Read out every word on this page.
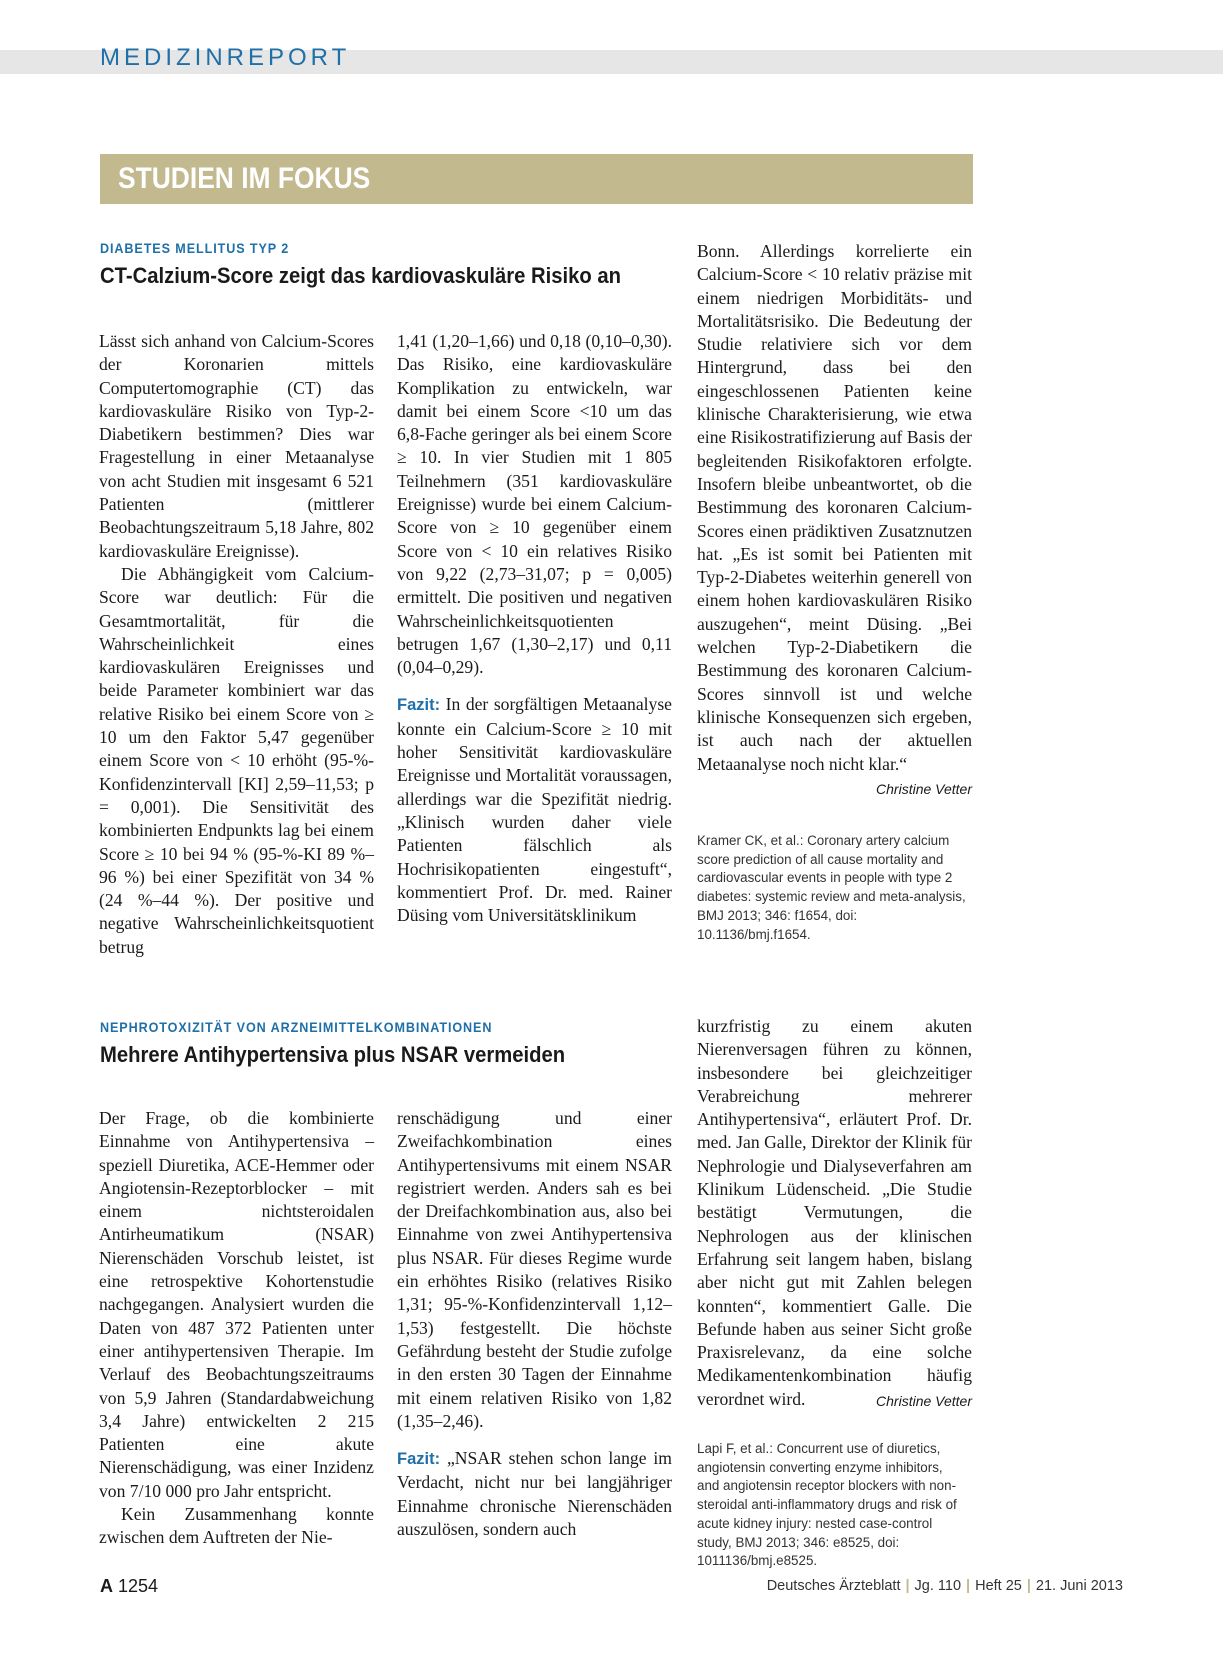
MEDIZINREPORT
STUDIEN IM FOKUS
DIABETES MELLITUS TYP 2
CT-Calzium-Score zeigt das kardiovaskuläre Risiko an

Lässt sich anhand von Calcium-Scores der Koronarien mittels Computertomographie (CT) das kardiovaskuläre Risiko von Typ-2-Diabetikern bestimmen? Dies war Fragestellung in einer Metaanalyse von acht Studien mit insgesamt 6 521 Patienten (mittlerer Beobachtungszeitraum 5,18 Jahre, 802 kardiovaskuläre Ereignisse).

Die Abhängigkeit vom Calcium-Score war deutlich: Für die Gesamtmortalität, für die Wahrscheinlichkeit eines kardiovaskulären Ereignisses und beide Parameter kombiniert war das relative Risiko bei einem Score von ≥ 10 um den Faktor 5,47 gegenüber einem Score von < 10 erhöht (95-%-Konfidenzintervall [KI] 2,59–11,53; p = 0,001). Die Sensitivität des kombinierten Endpunkts lag bei einem Score ≥ 10 bei 94 % (95-%-KI 89 %–96 %) bei einer Spezifität von 34 % (24 %–44 %). Der positive und negative Wahrscheinlichkeitsquotient betrug

1,41 (1,20–1,66) und 0,18 (0,10–0,30). Das Risiko, eine kardiovaskuläre Komplikation zu entwickeln, war damit bei einem Score <10 um das 6,8-Fache geringer als bei einem Score ≥ 10. In vier Studien mit 1 805 Teilnehmern (351 kardiovaskuläre Ereignisse) wurde bei einem Calcium-Score von ≥ 10 gegenüber einem Score von < 10 ein relatives Risiko von 9,22 (2,73–31,07; p = 0,005) ermittelt. Die positiven und negativen Wahrscheinlichkeitsquotienten betrugen 1,67 (1,30–2,17) und 0,11 (0,04–0,29).

Fazit: In der sorgfältigen Metaanalyse konnte ein Calcium-Score ≥ 10 mit hoher Sensitivität kardiovaskuläre Ereignisse und Mortalität voraussagen, allerdings war die Spezifität niedrig. „Klinisch wurden daher viele Patienten fälschlich als Hochrisikopatienten eingestuft“, kommentiert Prof. Dr. med. Rainer Düsing vom Universitätsklinikum

Bonn. Allerdings korrelierte ein Calcium-Score < 10 relativ präzise mit einem niedrigen Morbiditäts- und Mortalitätsrisiko. Die Bedeutung der Studie relativiere sich vor dem Hintergrund, dass bei den eingeschlossenen Patienten keine klinische Charakterisierung, wie etwa eine Risikostratifizierung auf Basis der begleitenden Risikofaktoren erfolgte. Insofern bleibe unbeantwortet, ob die Bestimmung des koronaren Calcium-Scores einen prädiktiven Zusatznutzen hat. „Es ist somit bei Patienten mit Typ-2-Diabetes weiterhin generell von einem hohen kardiovaskulären Risiko auszugehen“, meint Düsing. „Bei welchen Typ-2-Diabetikern die Bestimmung des koronaren Calcium-Scores sinnvoll ist und welche klinische Konsequenzen sich ergeben, ist auch nach der aktuellen Metaanalyse noch nicht klar.“
Christine Vetter

Kramer CK, et al.: Coronary artery calcium score prediction of all cause mortality and cardiovascular events in people with type 2 diabetes: systemic review and meta-analysis, BMJ 2013; 346: f1654, doi: 10.1136/bmj.f1654.
NEPHROTOXIZITÄT VON ARZNEIMITTELKOMBINATIONEN
Mehrere Antihypertensiva plus NSAR vermeiden

Der Frage, ob die kombinierte Einnahme von Antihypertensiva – speziell Diuretika, ACE-Hemmer oder Angiotensin-Rezeptorblocker – mit einem nichtsteroidalen Antirheumatikum (NSAR) Nierenschäden Vorschub leistet, ist eine retrospektive Kohortenstudie nachgegangen. Analysiert wurden die Daten von 487 372 Patienten unter einer antihypertensiven Therapie. Im Verlauf des Beobachtungszeitraums von 5,9 Jahren (Standardabweichung 3,4 Jahre) entwickelten 2 215 Patienten eine akute Nierenschädigung, was einer Inzidenz von 7/10 000 pro Jahr entspricht.

Kein Zusammenhang konnte zwischen dem Auftreten der Nie-

renschädigung und einer Zweifachkombination eines Antihypertensivums mit einem NSAR registriert werden. Anders sah es bei der Dreifachkombination aus, also bei Einnahme von zwei Antihypertensiva plus NSAR. Für dieses Regime wurde ein erhöhtes Risiko (relatives Risiko 1,31; 95-%-Konfidenzintervall 1,12–1,53) festgestellt. Die höchste Gefährdung besteht der Studie zufolge in den ersten 30 Tagen der Einnahme mit einem relativen Risiko von 1,82 (1,35–2,46).

Fazit: „NSAR stehen schon lange im Verdacht, nicht nur bei langjähriger Einnahme chronische Nierenschäden auszulösen, sondern auch

kurzfristig zu einem akuten Nierenversagen führen zu können, insbesondere bei gleichzeitiger Verabreichung mehrerer Antihypertensiva“, erläutert Prof. Dr. med. Jan Galle, Direktor der Klinik für Nephrologie und Dialyseverfahren am Klinikum Lüdenscheid. „Die Studie bestätigt Vermutungen, die Nephrologen aus der klinischen Erfahrung seit langem haben, bislang aber nicht gut mit Zahlen belegen konnten“, kommentiert Galle. Die Befunde haben aus seiner Sicht große Praxisrelevanz, da eine solche Medikamentenkombination häufig verordnet wird.	Christine Vetter

Lapi F, et al.: Concurrent use of diuretics, angiotensin converting enzyme inhibitors, and angiotensin receptor blockers with non-steroidal anti-inflammatory drugs and risk of acute kidney injury: nested case-control study, BMJ 2013; 346: e8525, doi: 1011136/bmj.e8525.
A 1254	Deutsches Ärzteblatt | Jg. 110 | Heft 25 | 21. Juni 2013
